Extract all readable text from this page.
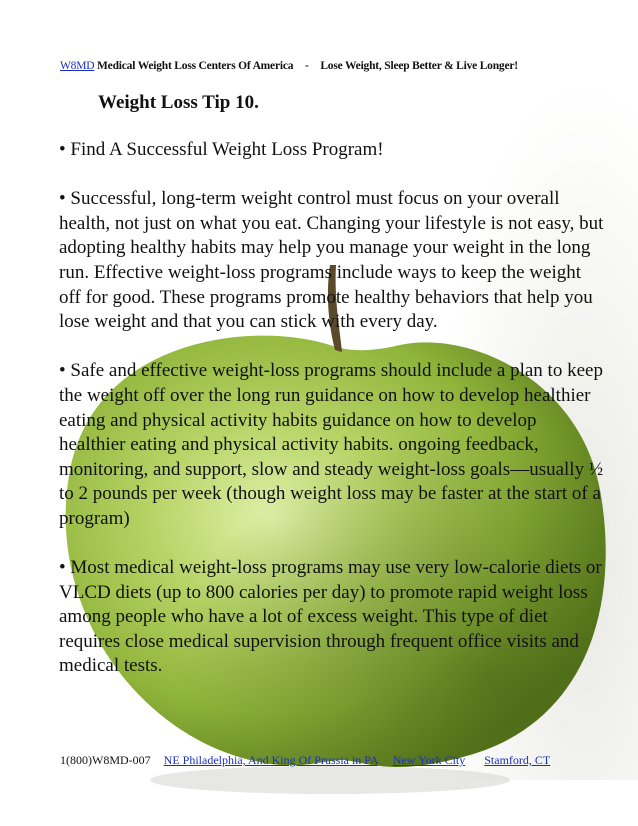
W8MD Medical Weight Loss Centers Of America - Lose Weight, Sleep Better & Live Longer!
Weight Loss Tip 10.

• Find A Successful Weight Loss Program!

• Successful, long-term weight control must focus on your overall health, not just on what you eat. Changing your lifestyle is not easy, but adopting healthy habits may help you manage your weight in the long run. Effective weight-loss programs include ways to keep the weight off for good. These programs promote healthy behaviors that help you lose weight and that you can stick with every day.

• Safe and effective weight-loss programs should include a plan to keep the weight off over the long run guidance on how to develop healthier eating and physical activity habits guidance on how to develop healthier eating and physical activity habits. ongoing feedback, monitoring, and support, slow and steady weight-loss goals—usually ½ to 2 pounds per week (though weight loss may be faster at the start of a program)

• Most medical weight-loss programs may use very low-calorie diets or VLCD diets (up to 800 calories per day) to promote rapid weight loss among people who have a lot of excess weight. This type of diet requires close medical supervision through frequent office visits and medical tests.

1(800)W8MD-007 NE Philadelphia, And King Of Prussia in PA New York City Stamford, CT
